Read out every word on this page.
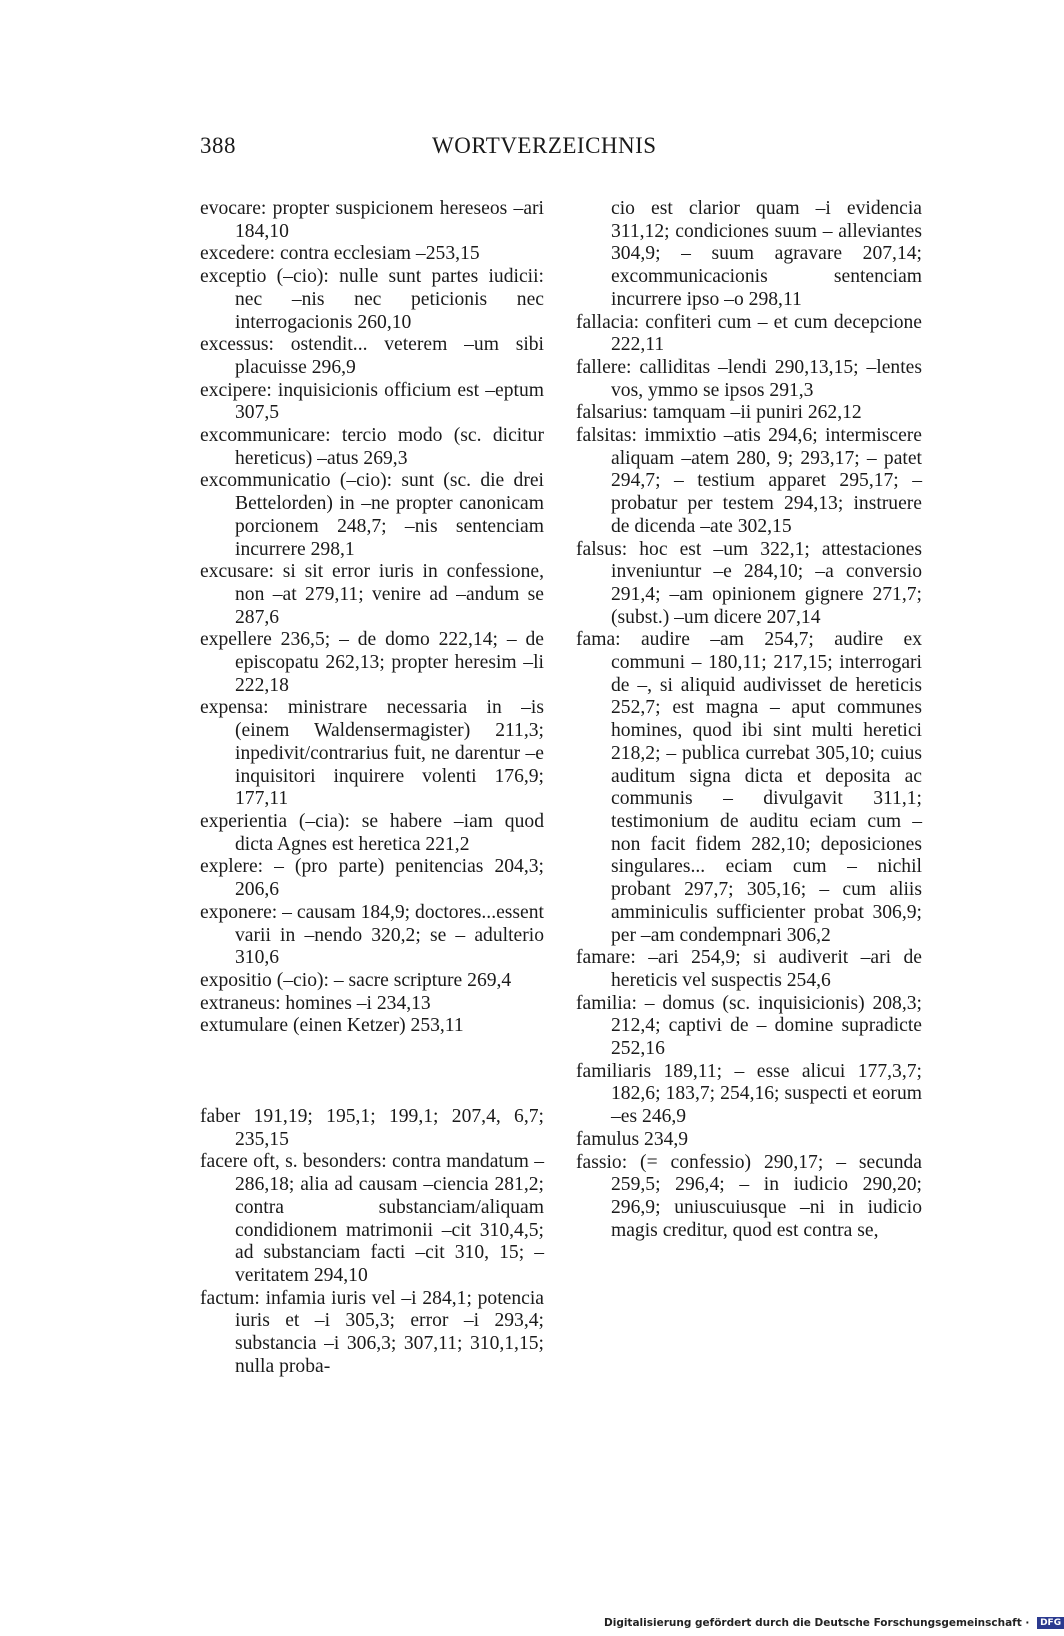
388	WORTVERZEICHNIS

evocare: propter suspicionem hereseos –ari 184,10

excedere: contra ecclesiam –253,15

exceptio (–cio): nulle sunt partes iudicii: nec –nis nec peticionis nec interrogacionis 260,10

excessus: ostendit... veterem –um sibi placuisse 296,9

excipere: inquisicionis officium est –eptum 307,5

excommunicare: tercio modo (sc. dicitur hereticus) –atus 269,3

excommunicatio (–cio): sunt (sc. die drei Bettelorden) in –ne propter canonicam porcionem 248,7; –nis sentenciam incurrere 298,1

excusare: si sit error iuris in confessione, non –at 279,11; venire ad –andum se 287,6

expellere 236,5; – de domo 222,14; – de episcopatu 262,13; propter heresim –li 222,18

expensa: ministrare necessaria in –is (einem Waldensermagister) 211,3; inpedivit/contrarius fuit, ne darentur –e inquisitori inquirere volenti 176,9; 177,11

experientia (–cia): se habere –iam quod dicta Agnes est heretica 221,2

explere: – (pro parte) penitencias 204,3; 206,6

exponere: – causam 184,9; doctores...essent varii in –nendo 320,2; se – adulterio 310,6

expositio (–cio): – sacre scripture 269,4

extraneus: homines –i 234,13

extumulare (einen Ketzer) 253,11

faber 191,19; 195,1; 199,1; 207,4, 6,7; 235,15

facere oft, s. besonders: contra mandatum – 286,18; alia ad causam –ciencia 281,2; contra substanciam/aliquam condidionem matrimonii –cit 310,4,5; ad substanciam facti –cit 310, 15; – veritatem 294,10

factum: infamia iuris vel –i 284,1; potencia iuris et –i 305,3; error –i 293,4; substancia –i 306,3; 307,11; 310,1,15; nulla proba-

cio est clarior quam –i evidencia 311,12; condiciones suum – alleviantes 304,9; – suum agravare 207,14; excommunicacionis sentenciam incurrere ipso –o 298,11

fallacia: confiteri cum – et cum decepcione 222,11

fallere: calliditas –lendi 290,13,15; –lentes vos, ymmo se ipsos 291,3

falsarius: tamquam –ii puniri 262,12

falsitas: immixtio –atis 294,6; intermiscere aliquam –atem 280, 9; 293,17; – patet 294,7; – testium apparet 295,17; – probatur per testem 294,13; instruere de dicenda –ate 302,15

falsus: hoc est –um 322,1; attestaciones inveniuntur –e 284,10; –a conversio 291,4; –am opinionem gignere 271,7; (subst.) –um dicere 207,14

fama: audire –am 254,7; audire ex communi – 180,11; 217,15; interrogari de –, si aliquid audivisset de hereticis 252,7; est magna – aput communes homines, quod ibi sint multi heretici 218,2; – publica currebat 305,10; cuius auditum signa dicta et deposita ac communis – divulgavit 311,1; testimonium de auditu eciam cum – non facit fidem 282,10; deposiciones singulares... eciam cum – nichil probant 297,7; 305,16; – cum aliis amminiculis sufficienter probat 306,9; per –am condempnari 306,2

famare: –ari 254,9; si audiverit –ari de hereticis vel suspectis 254,6

familia: – domus (sc. inquisicionis) 208,3; 212,4; captivi de – domine supradicte 252,16

familiaris 189,11; – esse alicui 177,3,7; 182,6; 183,7; 254,16; suspecti et eorum –es 246,9

famulus 234,9

fassio: (= confessio) 290,17; – secunda 259,5; 296,4; – in iudicio 290,20; 296,9; uniuscuiusque –ni in iudicio magis creditur, quod est contra se,

Digitalisierung gefördert durch die Deutsche Forschungsgemeinschaft · DFG
